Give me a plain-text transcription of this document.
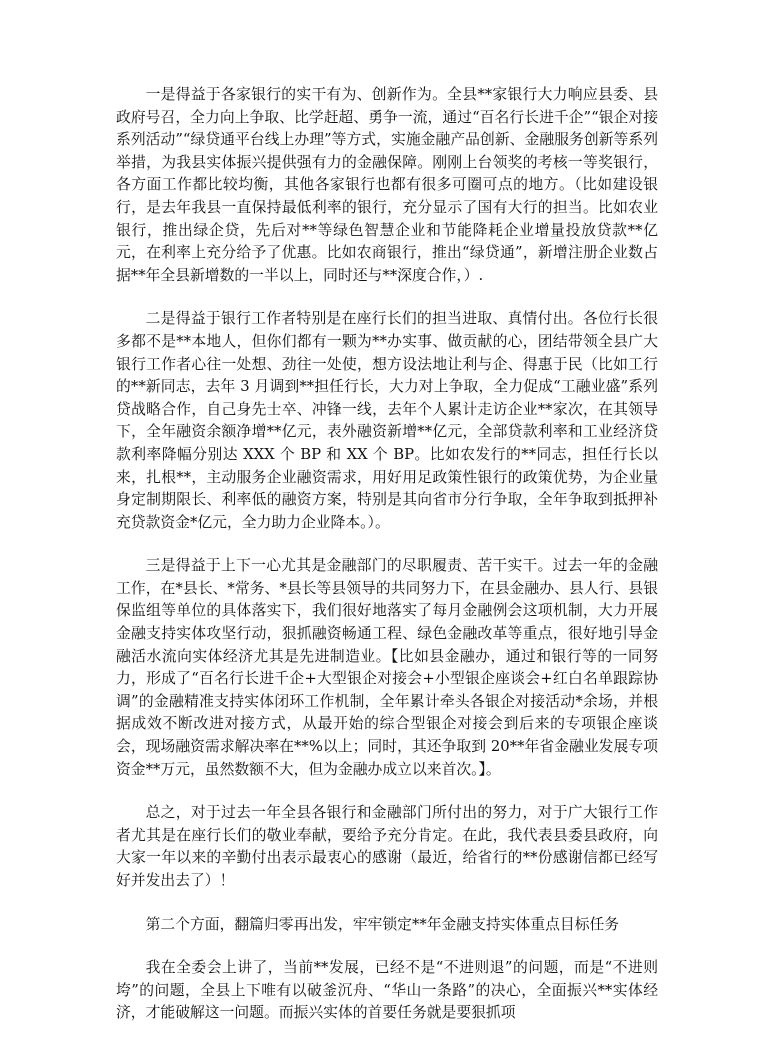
一是得益于各家银行的实干有为、创新作为。全县**家银行大力响应县委、县政府号召，全力向上争取、比学赶超、勇争一流，通过“百名行长进千企”“银企对接系列活动”“绿贷通平台线上办理”等方式，实施金融产品创新、金融服务创新等系列举措，为我县实体振兴提供强有力的金融保障。刚刚上台领奖的考核一等奖银行，各方面工作都比较均衡，其他各家银行也都有很多可圈可点的地方。（比如建设银行，是去年我县一直保持最低利率的银行，充分显示了国有大行的担当。比如农业银行，推出绿企贷，先后对**等绿色智慧企业和节能降耗企业增量投放贷款**亿元，在利率上充分给予了优惠。比如农商银行，推出“绿贷通”，新增注册企业数占据**年全县新增数的一半以上，同时还与**深度合作，）.

二是得益于银行工作者特别是在座行长们的担当进取、真情付出。各位行长很多都不是**本地人，但你们都有一颗为**办实事、做贡献的心，团结带领全县广大银行工作者心往一处想、劲往一处使，想方设法地让利与企、得惠于民（比如工行的**新同志，去年 3 月调到**担任行长，大力对上争取，全力促成“工融业盛”系列贷战略合作，自己身先士卒、冲锋一线，去年个人累计走访企业**家次，在其领导下，全年融资余额净增**亿元，表外融资新增**亿元，全部贷款利率和工业经济贷款利率降幅分别达 XXX 个 BP 和 XX 个 BP。比如农发行的**同志，担任行长以来，扎根**，主动服务企业融资需求，用好用足政策性银行的政策优势，为企业量身定制期限长、利率低的融资方案，特别是其向省市分行争取，全年争取到抵押补充贷款资金*亿元，全力助力企业降本。）。

三是得益于上下一心尤其是金融部门的尽职履责、苦干实干。过去一年的金融工作，在*县长、*常务、*县长等县领导的共同努力下，在县金融办、县人行、县银保监组等单位的具体落实下，我们很好地落实了每月金融例会这项机制，大力开展金融支持实体攻坚行动，狠抓融资畅通工程、绿色金融改革等重点，很好地引导金融活水流向实体经济尤其是先进制造业。【比如县金融办，通过和银行等的一同努力，形成了“百名行长进千企+大型银企对接会+小型银企座谈会+红白名单跟踪协调”的金融精准支持实体闭环工作机制，全年累计牵头各银企对接活动*余场，并根据成效不断改进对接方式，从最开始的综合型银企对接会到后来的专项银企座谈会，现场融资需求解决率在**%以上；同时，其还争取到 20**年省金融业发展专项资金**万元，虽然数额不大，但为金融办成立以来首次。】。

总之，对于过去一年全县各银行和金融部门所付出的努力，对于广大银行工作者尤其是在座行长们的敬业奉献，要给予充分肯定。在此，我代表县委县政府，向大家一年以来的辛勤付出表示最衷心的感谢（最近，给省行的**份感谢信都已经写好并发出去了）！

第二个方面，翻篇归零再出发，牢牢锁定**年金融支持实体重点目标任务

我在全委会上讲了，当前**发展，已经不是“不进则退”的问题，而是“不进则垮”的问题，全县上下唯有以破釜沉舟、“华山一条路”的决心，全面振兴**实体经济，才能破解这一问题。而振兴实体的首要任务就是要狠抓项
